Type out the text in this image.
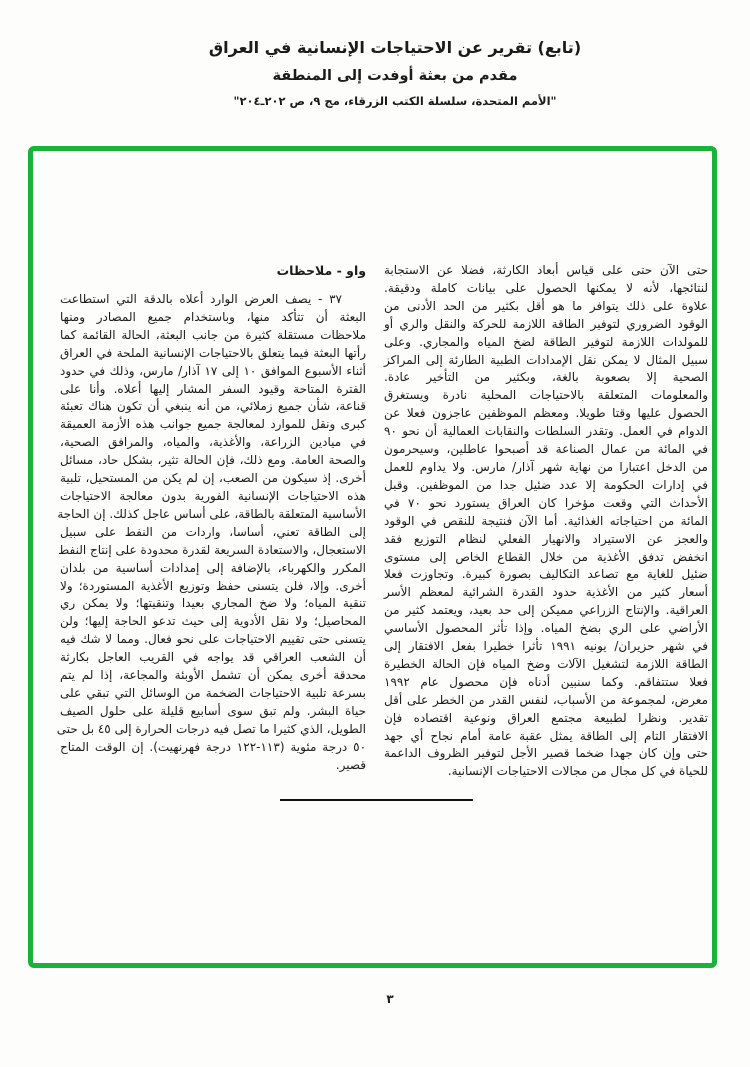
(تابع) تقرير عن الاحتياجات الإنسانية في العراق
مقدم من بعثة أوفدت إلى المنطقة
"الأمم المتحدة، سلسلة الكتب الزرقاء، مج ٩، ص ٢٠٢ـ٢٠٤"
حتى الآن حتى على قياس أبعاد الكارثة، فضلا عن الاستجابة
لنتائجها، لأنه لا يمكنها الحصول على بيانات كاملة ودقيقة.
علاوة على ذلك يتوافر ما هو أقل بكثير من الحد الأدنى من
الوقود الضروري لتوفير الطاقة اللازمة للحركة والنقل والري أو
للمولدات اللازمة لتوفير الطاقة لضخ المياه والمجاري. وعلى
سبيل المثال لا يمكن نقل الإمدادات الطبية الطارئة إلى المراكز
الصحية إلا بصعوبة بالغة، وبكثير من التأخير عادة.
والمعلومات المتعلقة بالاحتياجات المحلية نادرة ويستغرق
الحصول عليها وقتا طويلا. ومعظم الموظفين عاجزون فعلا عن
الدوام في العمل. وتقدر السلطات والنقابات العمالية أن نحو ٩٠
في المائة من عمال الصناعة قد أصبحوا عاطلين، وسيحرمون
من الدخل اعتبارا من نهاية شهر آذار/ مارس. ولا يداوم للعمل
في إدارات الحكومة إلا عدد ضئيل جدا من الموظفين. وقبل
الأحداث التي وقعت مؤخرا كان العراق يستورد نحو ٧٠ في
المائة من احتياجاته الغذائية. أما الآن فنتيجة للنقص في الوقود
والعجز عن الاستيراد والانهيار الفعلي لنظام التوزيع فقد
انخفض تدفق الأغذية من خلال القطاع الخاص إلى مستوى
ضئيل للغاية مع تصاعد التكاليف بصورة كبيرة. وتجاوزت فعلا
أسعار كثير من الأغذية حدود القدرة الشرائية لمعظم الأسر
العراقية. والإنتاج الزراعي مميكن إلى حد بعيد، ويعتمد كثير من
الأراضي على الري بضخ المياه. وإذا تأثر المحصول الأساسي
في شهر حزيران/ يونيه ١٩٩١ تأثرا خطيرا بفعل الافتقار إلى
الطاقة اللازمة لتشغيل الآلات وضخ المياه فإن الحالة الخطيرة
فعلا ستتفاقم. وكما سنبين أدناه فإن محصول عام ١٩٩٢
معرض، لمجموعة من الأسباب، لنفس القدر من الخطر على أقل
تقدير. ونظرا لطبيعة مجتمع العراق ونوعية اقتصاده فإن
الافتقار التام إلى الطاقة يمثل عقبة عامة أمام نجاح أي جهد
حتى وإن كان جهدا ضخما قصير الأجل لتوفير الظروف الداعمة
للحياة في كل مجال من مجالات الاحتياجات الإنسانية.
واو - ملاحظات
٣٧ - يصف العرض الوارد أعلاه بالدقة التي استطاعت
البعثة أن تتأكد منها، وباستخدام جميع المصادر ومنها
ملاحظات مستقلة كثيرة من جانب البعثة، الحالة القائمة كما
رأتها البعثة فيما يتعلق بالاحتياجات الإنسانية الملحة في العراق
أثناء الأسبوع الموافق ١٠ إلى ١٧ آذار/ مارس، وذلك في حدود
الفترة المتاحة وقيود السفر المشار إليها أعلاه. وأنا على
قناعة، شأن جميع زملائي، من أنه ينبغي أن تكون هناك تعبئة
كبرى ونقل للموارد لمعالجة جميع جوانب هذه الأزمة العميقة
في ميادين الزراعة، والأغذية، والمياه، والمرافق الصحية،
والصحة العامة. ومع ذلك، فإن الحالة تثير، بشكل حاد، مسائل
أخرى. إذ سيكون من الصعب، إن لم يكن من المستحيل، تلبية
هذه الاحتياجات الإنسانية الفورية بدون معالجة الاحتياجات
الأساسية المتعلقة بالطاقة، على أساس عاجل كذلك. إن الحاجة
إلى الطاقة تعني، أساسا، واردات من النفط على سبيل
الاستعجال، والاستعادة السريعة لقدرة محدودة على إنتاج النفط
المكرر والكهرباء، بالإضافة إلى إمدادات أساسية من بلدان
أخرى. وإلا، فلن يتسنى حفظ وتوزيع الأغذية المستوردة؛ ولا
تنقية المياه؛ ولا ضخ المجاري بعيدا وتنقيتها؛ ولا يمكن ري
المحاصيل؛ ولا نقل الأدوية إلى حيث تدعو الحاجة إليها؛ ولن
يتسنى حتى تقييم الاحتياجات على نحو فعال. ومما لا شك فيه
أن الشعب العراقي قد يواجه في القريب العاجل بكارثة
محدقة أخرى يمكن أن تشمل الأوبئة والمجاعة، إذا لم يتم
بسرعة تلبية الاحتياجات الضخمة من الوسائل التي تبقي على
حياة البشر. ولم تبق سوى أسابيع قليلة على حلول الصيف
الطويل، الذي كثيرا ما تصل فيه درجات الحرارة إلى ٤٥ بل حتى
٥٠ درجة مئوية (١١٣-١٢٢ درجة فهرنهيت). إن الوقت المتاح
قصير.
٣
